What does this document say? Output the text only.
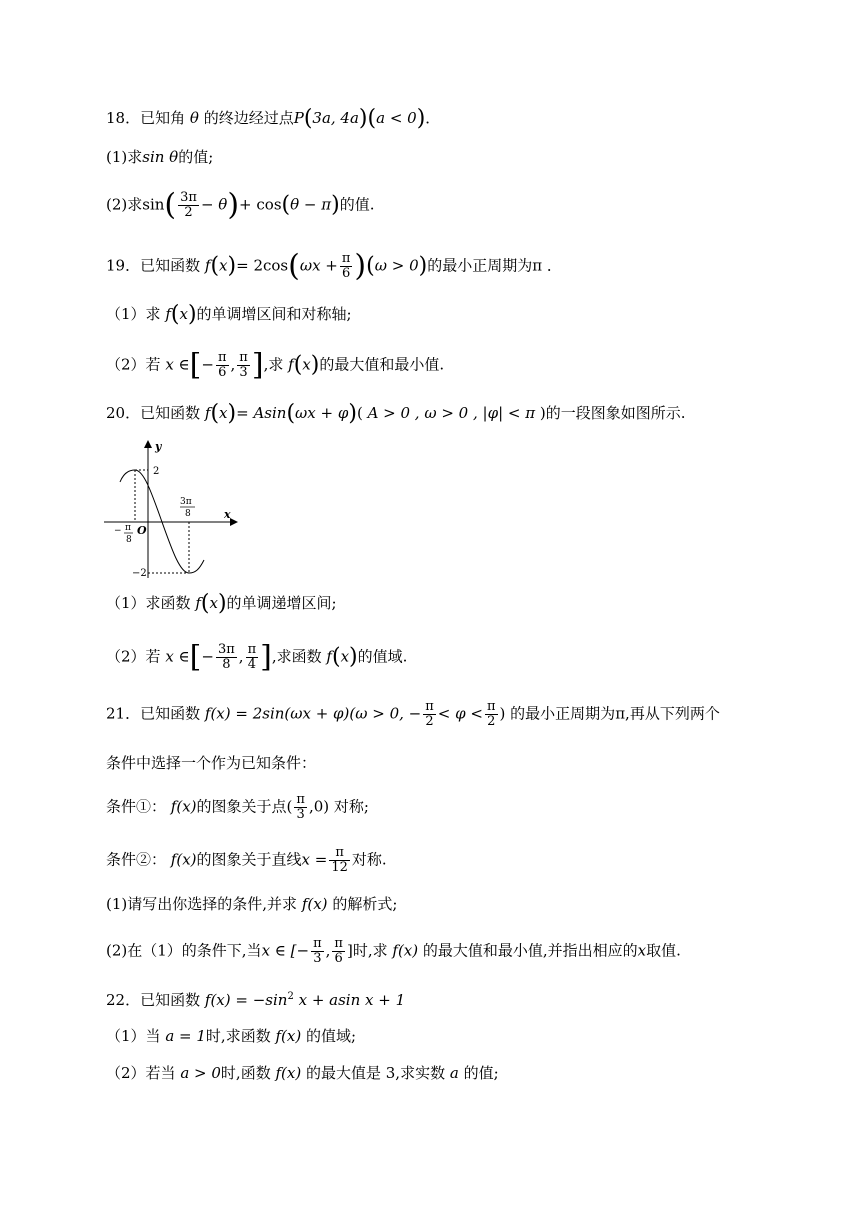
18．已知角 θ 的终边经过点P(3a, 4a)(a < 0)．
(1)求sin θ的值;
(2)求$\sin( \frac{3\pi}{2} - \theta)+ \cos(\theta - \pi)$的值.
19．已知函数 $f(x)= 2\cos(\omega x + \frac{\pi}{6} )(\omega > 0)$的最小正周期为π ．
（1）求 f(x)的单调增区间和对称轴;
（2）若 x ∈[− $\frac{\pi}{6}$ , $\frac{\pi}{3}$ ],求 f(x)的最大值和最小值.
20．已知函数 f(x)= Asin(ωx + φ)( A > 0 , ω > 0 , |φ| < π )的一段图象如图所示.
y
x
O
2
−2
− π
8
3π
8
（1）求函数 f(x)的单调递增区间;
（2）若 x ∈[− $\frac{3\pi}{8}$ , $\frac{\pi}{4}$ ],求函数 f(x)的值域.
21．已知函数 f(x) = 2sin(ωx + φ)(ω > 0, − $\frac{\pi}{2} < \varphi < \frac{\pi}{2}$ ) 的最小正周期为π,再从下列两个
条件中选择一个作为已知条件：
条件①： f(x)的图象关于点( $\frac{\pi}{3} ,0$) 对称;
条件②： f(x)的图象关于直线$x = \frac{\pi}{12}$ 对称.
(1)请写出你选择的条件,并求 f(x) 的解析式;
(2)在（1）的条件下,当x ∈ [− $\frac{\pi}{3}$ , $\frac{\pi}{6}$ ]时,求 f(x) 的最大值和最小值,并指出相应的x取值.
22．已知函数 $f(x) = -\sin^2$ x + asin x + 1
（1）当 a = 1时,求函数 f(x) 的值域;
（2）若当 a > 0时,函数 f(x) 的最大值是 3,求实数 a 的值;
